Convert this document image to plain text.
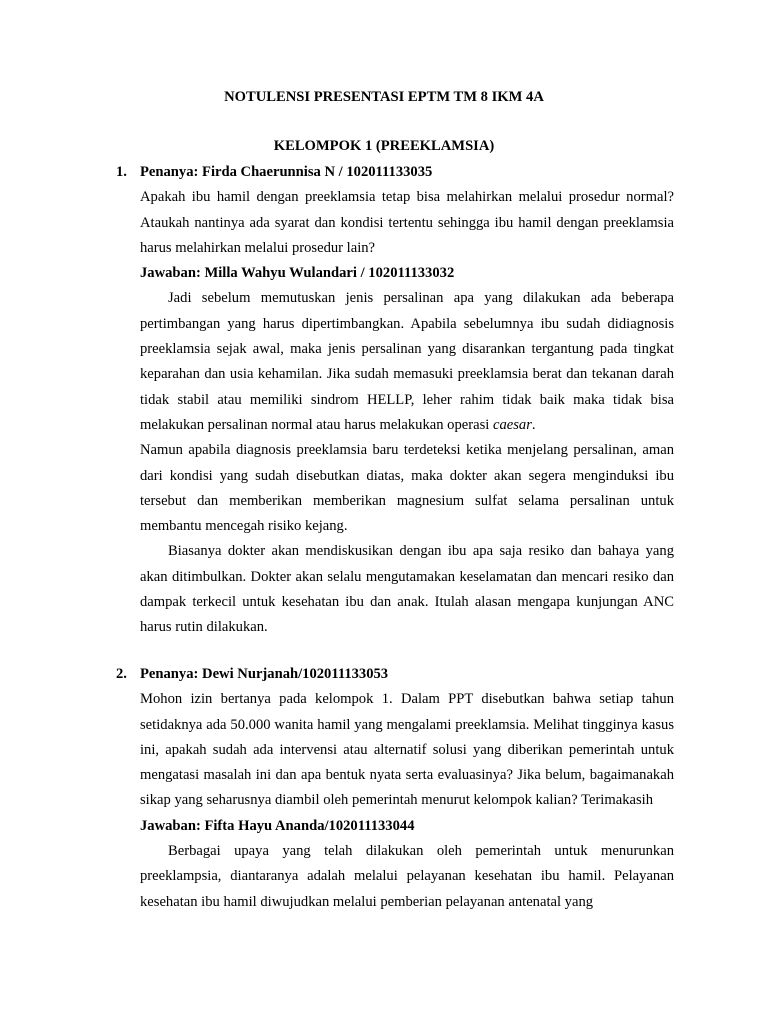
NOTULENSI PRESENTASI EPTM TM 8 IKM 4A
KELOMPOK 1 (PREEKLAMSIA)
1. Penanya: Firda Chaerunnisa N / 102011133035

Apakah ibu hamil dengan preeklamsia tetap bisa melahirkan melalui prosedur normal? Ataukah nantinya ada syarat dan kondisi tertentu sehingga ibu hamil dengan preeklamsia harus melahirkan melalui prosedur lain?

Jawaban: Milla Wahyu Wulandari / 102011133032

Jadi sebelum memutuskan jenis persalinan apa yang dilakukan ada beberapa pertimbangan yang harus dipertimbangkan. Apabila sebelumnya ibu sudah didiagnosis preeklamsia sejak awal, maka jenis persalinan yang disarankan tergantung pada tingkat keparahan dan usia kehamilan. Jika sudah memasuki preeklamsia berat dan tekanan darah tidak stabil atau memiliki sindrom HELLP, leher rahim tidak baik maka tidak bisa melakukan persalinan normal atau harus melakukan operasi caesar.

Namun apabila diagnosis preeklamsia baru terdeteksi ketika menjelang persalinan, aman dari kondisi yang sudah disebutkan diatas, maka dokter akan segera menginduksi ibu tersebut dan memberikan memberikan magnesium sulfat selama persalinan untuk membantu mencegah risiko kejang.

Biasanya dokter akan mendiskusikan dengan ibu apa saja resiko dan bahaya yang akan ditimbulkan. Dokter akan selalu mengutamakan keselamatan dan mencari resiko dan dampak terkecil untuk kesehatan ibu dan anak. Itulah alasan mengapa kunjungan ANC harus rutin dilakukan.

2. Penanya: Dewi Nurjanah/102011133053

Mohon izin bertanya pada kelompok 1. Dalam PPT disebutkan bahwa setiap tahun setidaknya ada 50.000 wanita hamil yang mengalami preeklamsia. Melihat tingginya kasus ini, apakah sudah ada intervensi atau alternatif solusi yang diberikan pemerintah untuk mengatasi masalah ini dan apa bentuk nyata serta evaluasinya? Jika belum, bagaimanakah sikap yang seharusnya diambil oleh pemerintah menurut kelompok kalian? Terimakasih

Jawaban: Fifta Hayu Ananda/102011133044

Berbagai upaya yang telah dilakukan oleh pemerintah untuk menurunkan preeklampsia, diantaranya adalah melalui pelayanan kesehatan ibu hamil. Pelayanan kesehatan ibu hamil diwujudkan melalui pemberian pelayanan antenatal yang
